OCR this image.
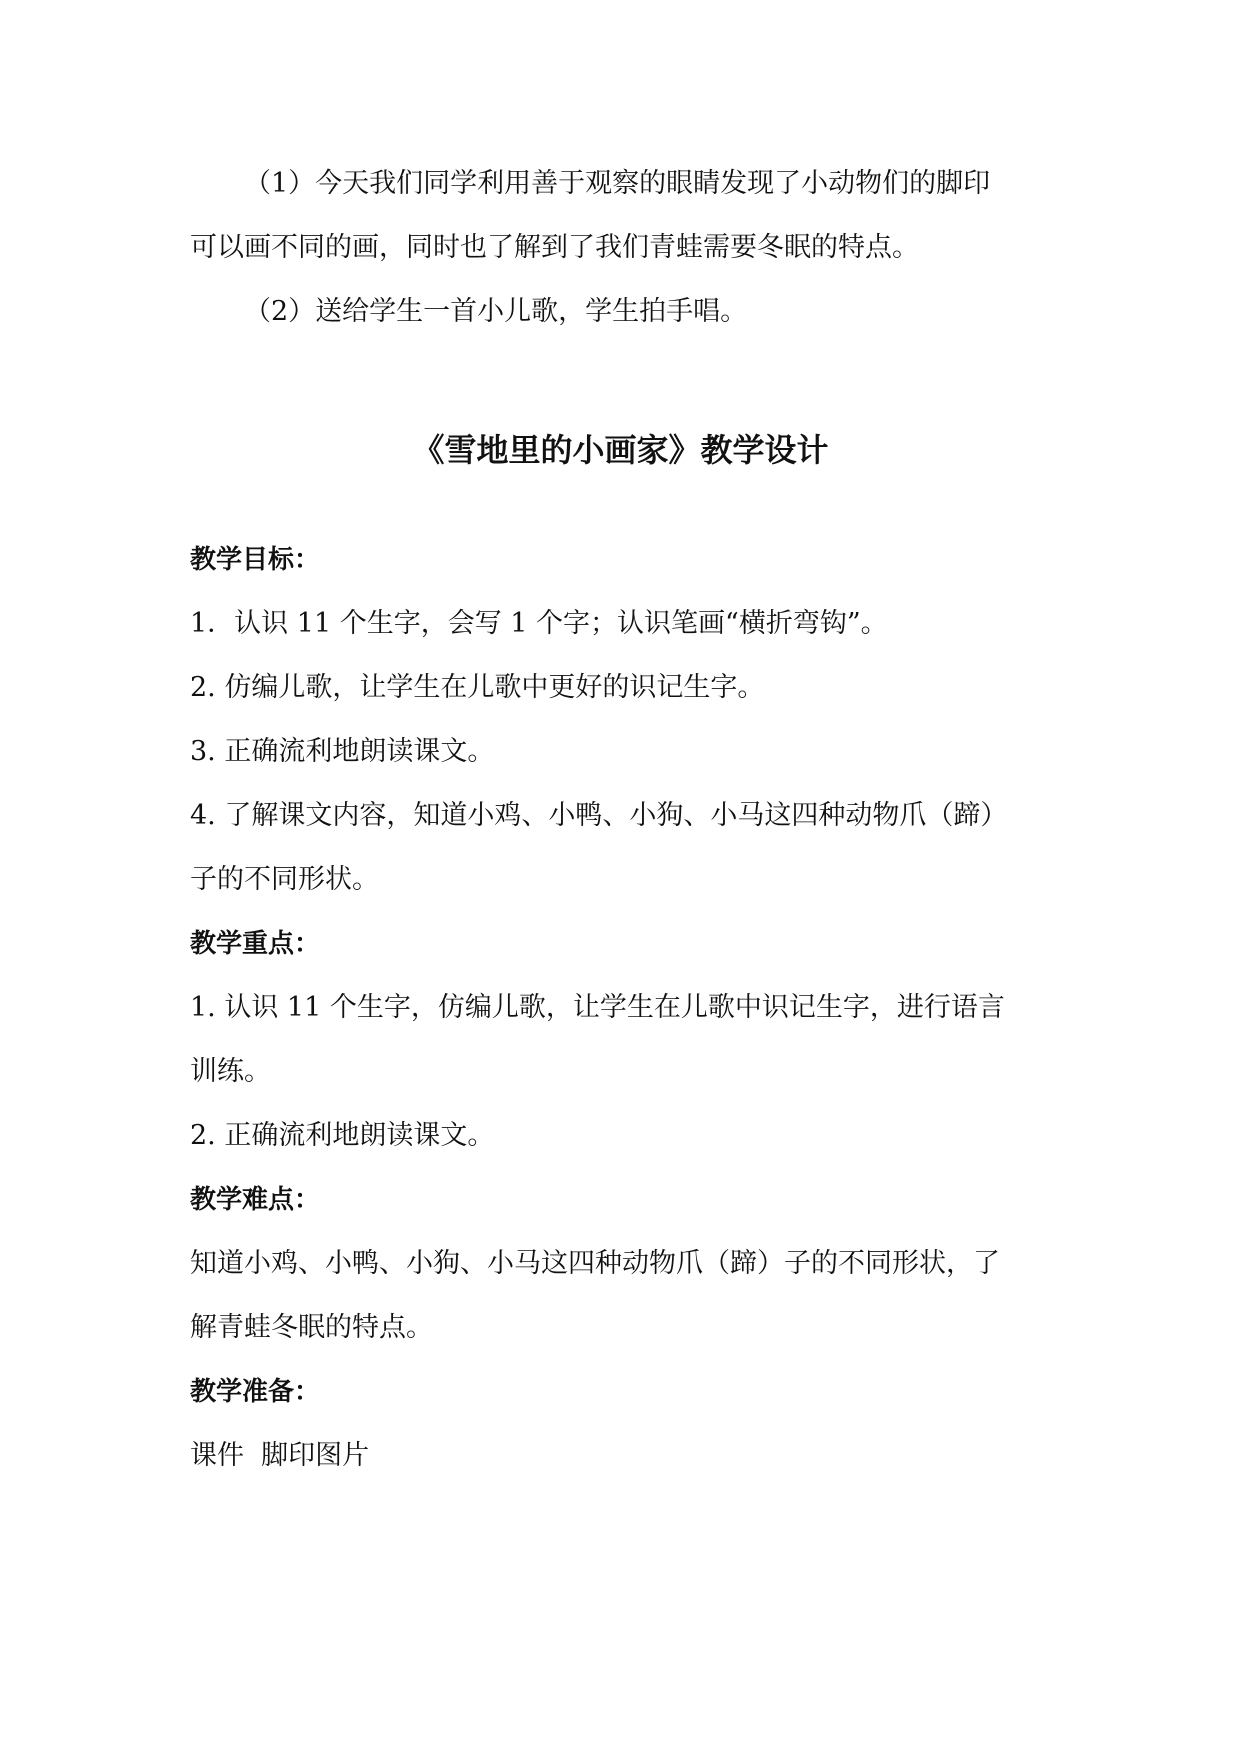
（1）今天我们同学利用善于观察的眼睛发现了小动物们的脚印

可以画不同的画，同时也了解到了我们青蛙需要冬眠的特点。

（2）送给学生一首小儿歌，学生拍手唱。

《雪地里的小画家》教学设计
教学目标：

1．认识 11 个生字，会写 1 个字；认识笔画“横折弯钩”。

2. 仿编儿歌，让学生在儿歌中更好的识记生字。

3. 正确流利地朗读课文。

4. 了解课文内容，知道小鸡、小鸭、小狗、小马这四种动物爪（蹄）

子的不同形状。

教学重点：

1. 认识 11 个生字，仿编儿歌，让学生在儿歌中识记生字，进行语言

训练。

2. 正确流利地朗读课文。

教学难点：

知道小鸡、小鸭、小狗、小马这四种动物爪（蹄）子的不同形状，了

解青蛙冬眠的特点。

教学准备：

课件  脚印图片
